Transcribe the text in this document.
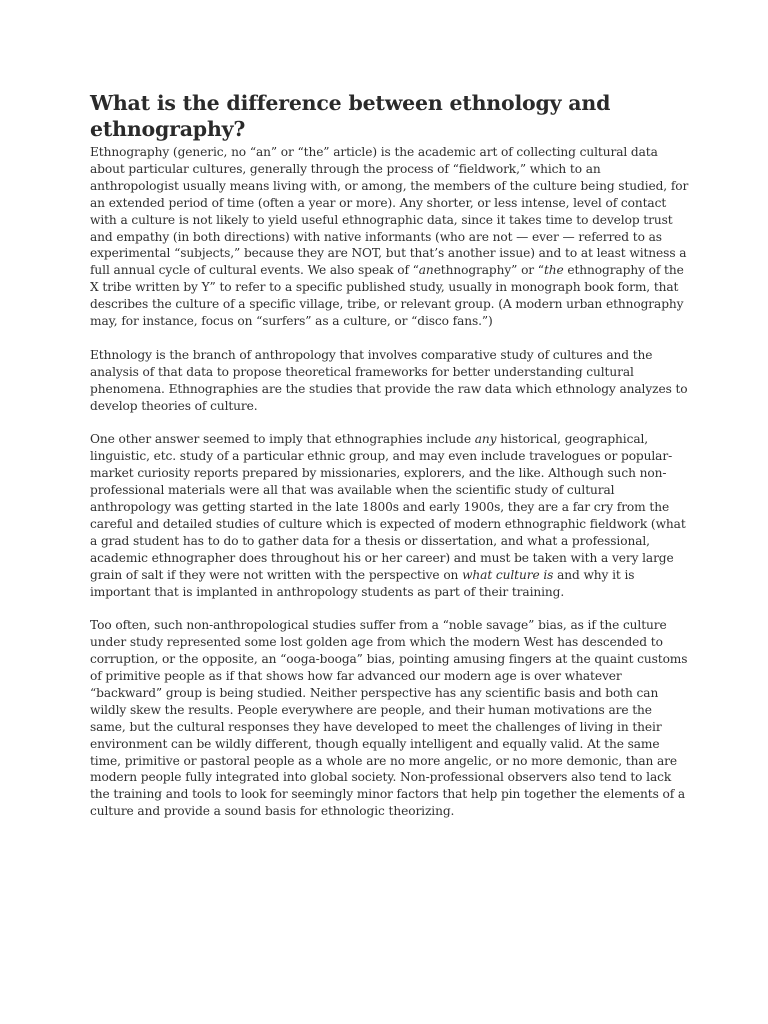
What is the difference between ethnology and ethnography?

Ethnography (generic, no “an” or “the” article) is the academic art of collecting cultural data about particular cultures, generally through the process of “fieldwork,” which to an anthropologist usually means living with, or among, the members of the culture being studied, for an extended period of time (often a year or more). Any shorter, or less intense, level of contact with a culture is not likely to yield useful ethnographic data, since it takes time to develop trust and empathy (in both directions) with native informants (who are not — ever — referred to as experimental “subjects,” because they are NOT, but that’s another issue) and to at least witness a full annual cycle of cultural events. We also speak of “anethnography” or “the ethnography of the X tribe written by Y” to refer to a specific published study, usually in monograph book form, that describes the culture of a specific village, tribe, or relevant group. (A modern urban ethnography may, for instance, focus on “surfers” as a culture, or “disco fans.”)

Ethnology is the branch of anthropology that involves comparative study of cultures and the analysis of that data to propose theoretical frameworks for better understanding cultural phenomena. Ethnographies are the studies that provide the raw data which ethnology analyzes to develop theories of culture.

One other answer seemed to imply that ethnographies include any historical, geographical, linguistic, etc. study of a particular ethnic group, and may even include travelogues or popular-market curiosity reports prepared by missionaries, explorers, and the like. Although such non-professional materials were all that was available when the scientific study of cultural anthropology was getting started in the late 1800s and early 1900s, they are a far cry from the careful and detailed studies of culture which is expected of modern ethnographic fieldwork (what a grad student has to do to gather data for a thesis or dissertation, and what a professional, academic ethnographer does throughout his or her career) and must be taken with a very large grain of salt if they were not written with the perspective on what culture is and why it is important that is implanted in anthropology students as part of their training.

Too often, such non-anthropological studies suffer from a “noble savage” bias, as if the culture under study represented some lost golden age from which the modern West has descended to corruption, or the opposite, an “ooga-booga” bias, pointing amusing fingers at the quaint customs of primitive people as if that shows how far advanced our modern age is over whatever “backward” group is being studied. Neither perspective has any scientific basis and both can wildly skew the results. People everywhere are people, and their human motivations are the same, but the cultural responses they have developed to meet the challenges of living in their environment can be wildly different, though equally intelligent and equally valid. At the same time, primitive or pastoral people as a whole are no more angelic, or no more demonic, than are modern people fully integrated into global society. Non-professional observers also tend to lack the training and tools to look for seemingly minor factors that help pin together the elements of a culture and provide a sound basis for ethnologic theorizing.
